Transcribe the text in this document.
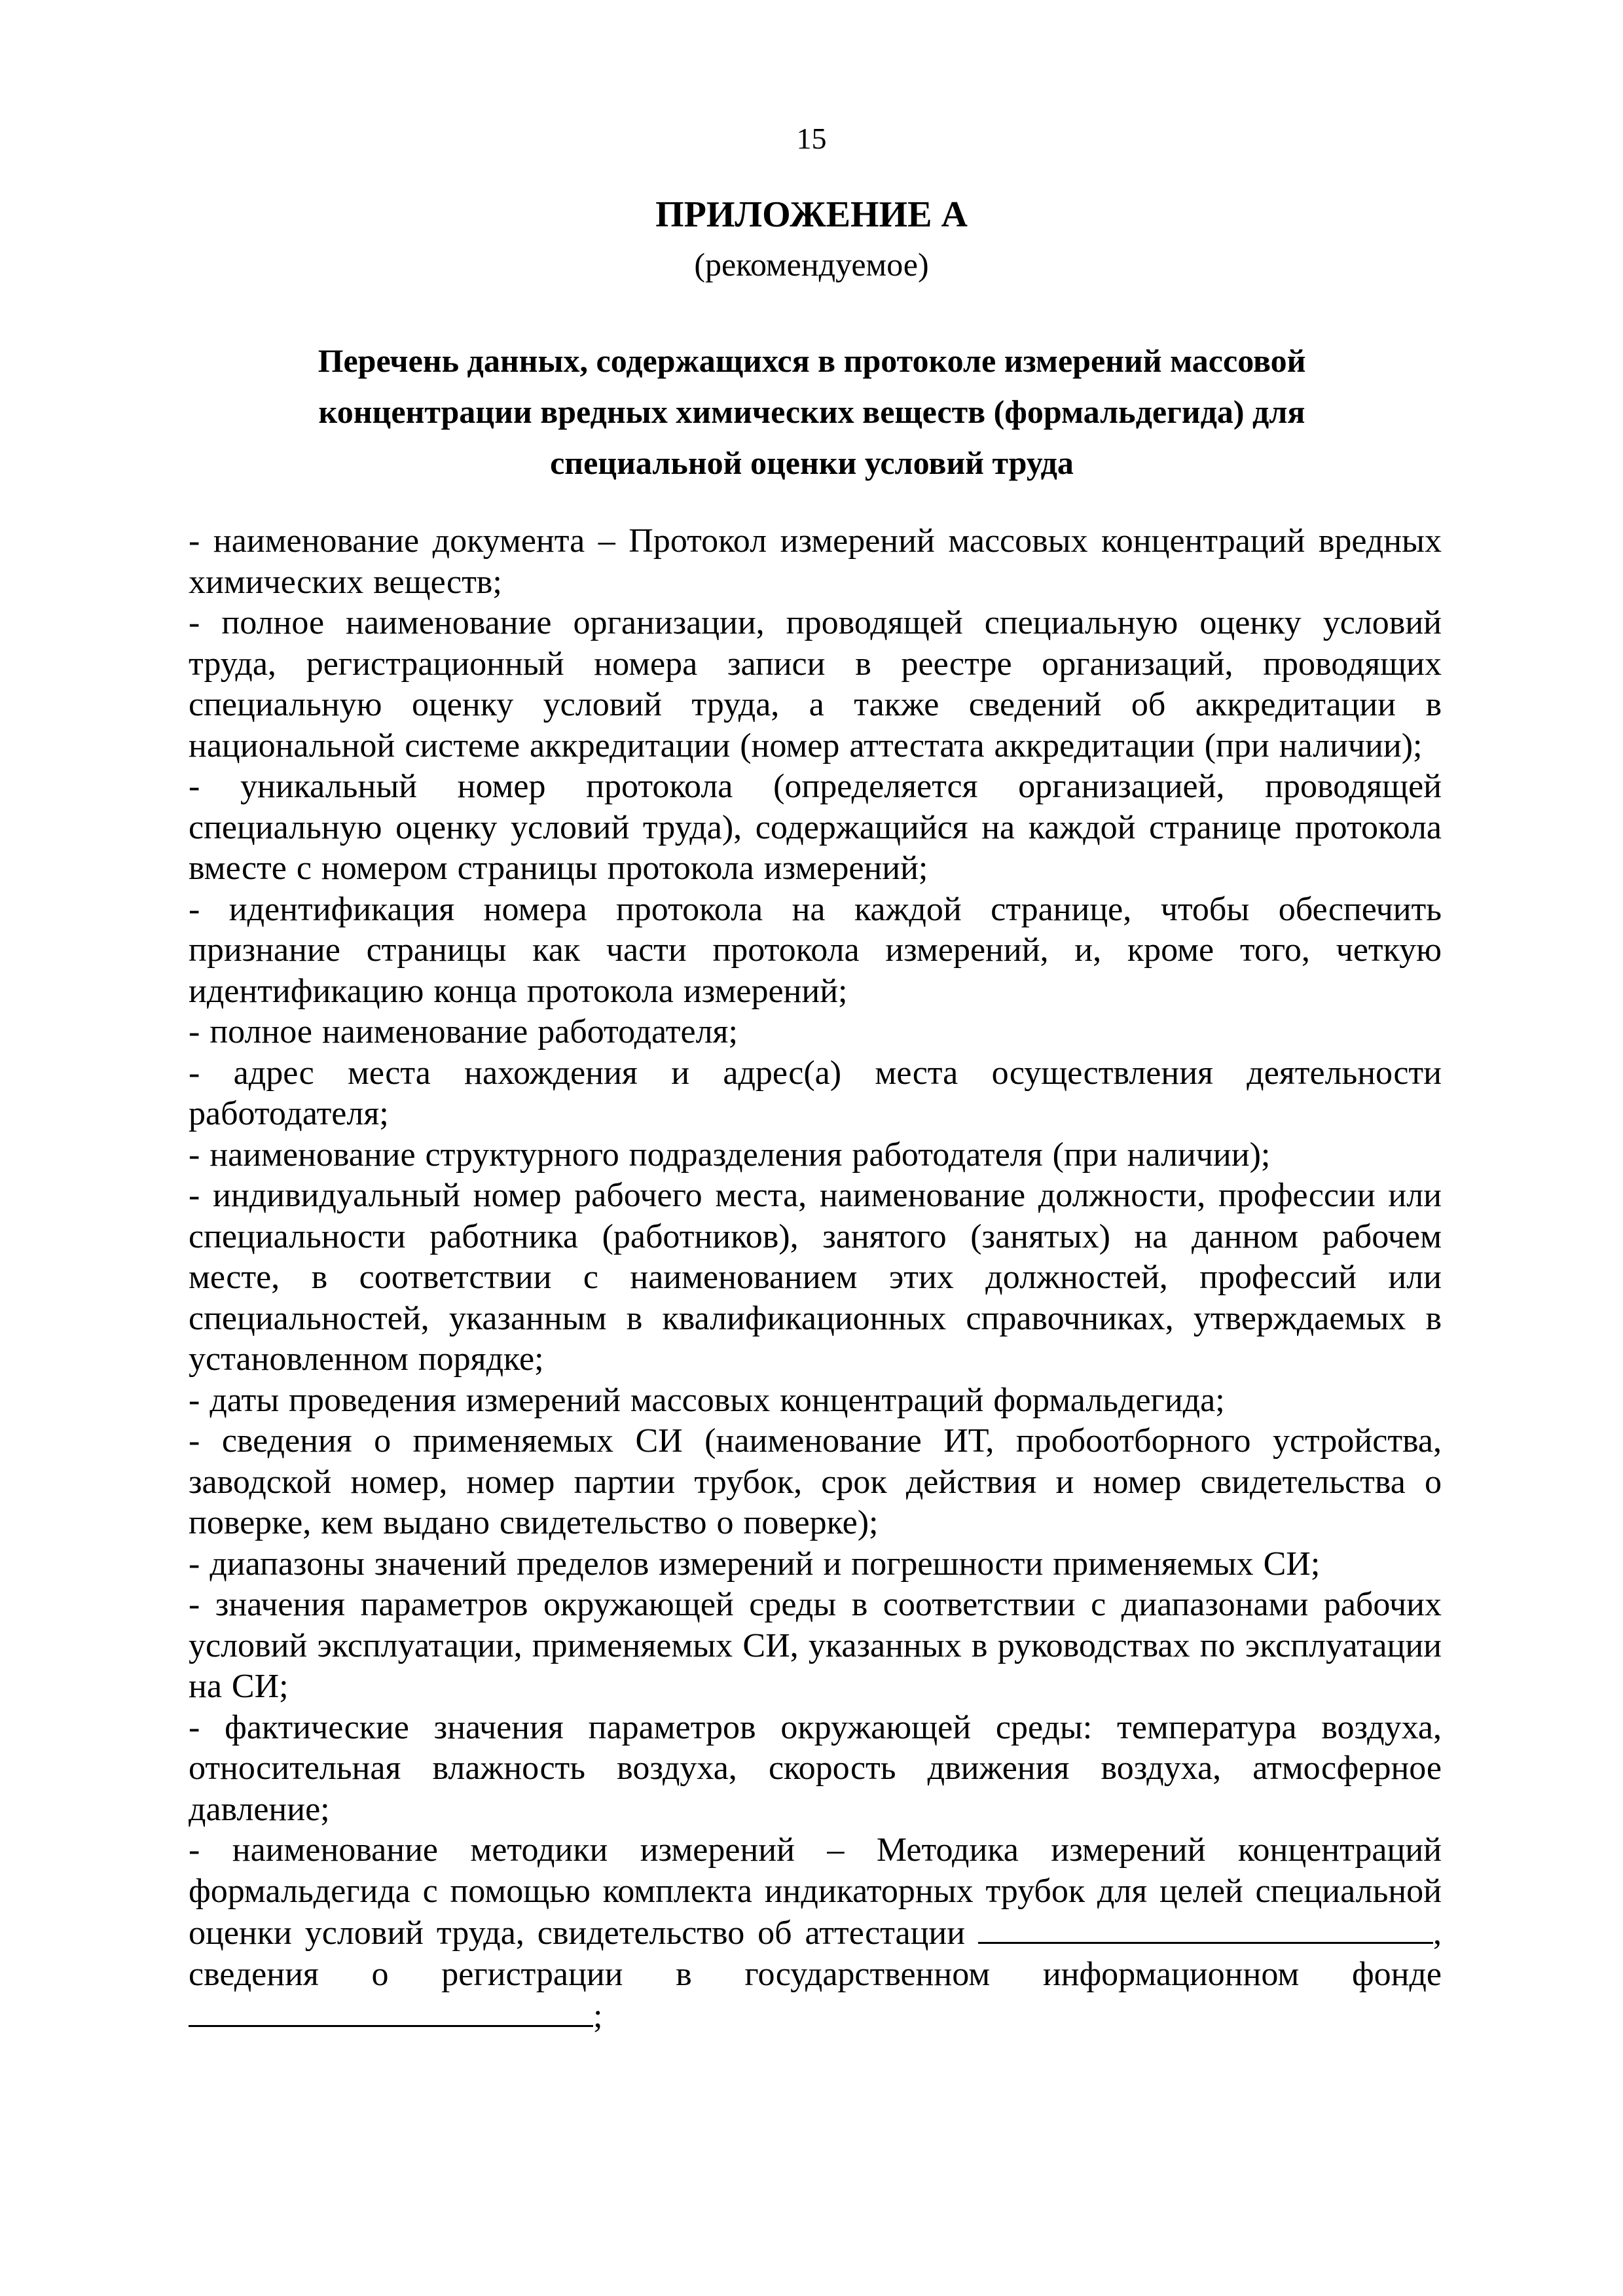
15
ПРИЛОЖЕНИЕ А
(рекомендуемое)
Перечень данных, содержащихся в протоколе измерений массовой
концентрации вредных химических веществ (формальдегида) для
специальной оценки условий труда

- наименование документа – Протокол измерений массовых концентраций вредных химических веществ;

- полное наименование организации, проводящей специальную оценку условий труда, регистрационный номера записи в реестре организаций, проводящих специальную оценку условий труда, а также сведений об аккредитации в национальной системе аккредитации (номер аттестата аккредитации (при наличии);

- уникальный номер протокола (определяется организацией, проводящей специальную оценку условий труда), содержащийся на каждой странице протокола вместе с номером страницы протокола измерений;

- идентификация номера протокола на каждой странице, чтобы обеспечить признание страницы как части протокола измерений, и, кроме того, четкую идентификацию конца протокола измерений;

- полное наименование работодателя;

- адрес места нахождения и адрес(а) места осуществления деятельности работодателя;

- наименование структурного подразделения работодателя (при наличии);

- индивидуальный номер рабочего места, наименование должности, профессии или специальности работника (работников), занятого (занятых) на данном рабочем месте, в соответствии с наименованием этих должностей, профессий или специальностей, указанным в квалификационных справочниках, утверждаемых в установленном порядке;

- даты проведения измерений массовых концентраций формальдегида;

- сведения о применяемых СИ (наименование ИТ, пробоотборного устройства, заводской номер, номер партии трубок, срок действия и номер свидетельства о поверке, кем выдано свидетельство о поверке);

- диапазоны значений пределов измерений и погрешности применяемых СИ;

- значения параметров окружающей среды в соответствии с диапазонами рабочих условий эксплуатации, применяемых СИ, указанных в руководствах по эксплуатации на СИ;

- фактические значения параметров окружающей среды: температура воздуха, относительная влажность воздуха, скорость движения воздуха, атмосферное давление;

- наименование методики измерений – Методика измерений концентраций формальдегида с помощью комплекта индикаторных трубок для целей специальной оценки условий труда, свидетельство об аттестации	, сведения о регистрации в государственном информационном фонде;
